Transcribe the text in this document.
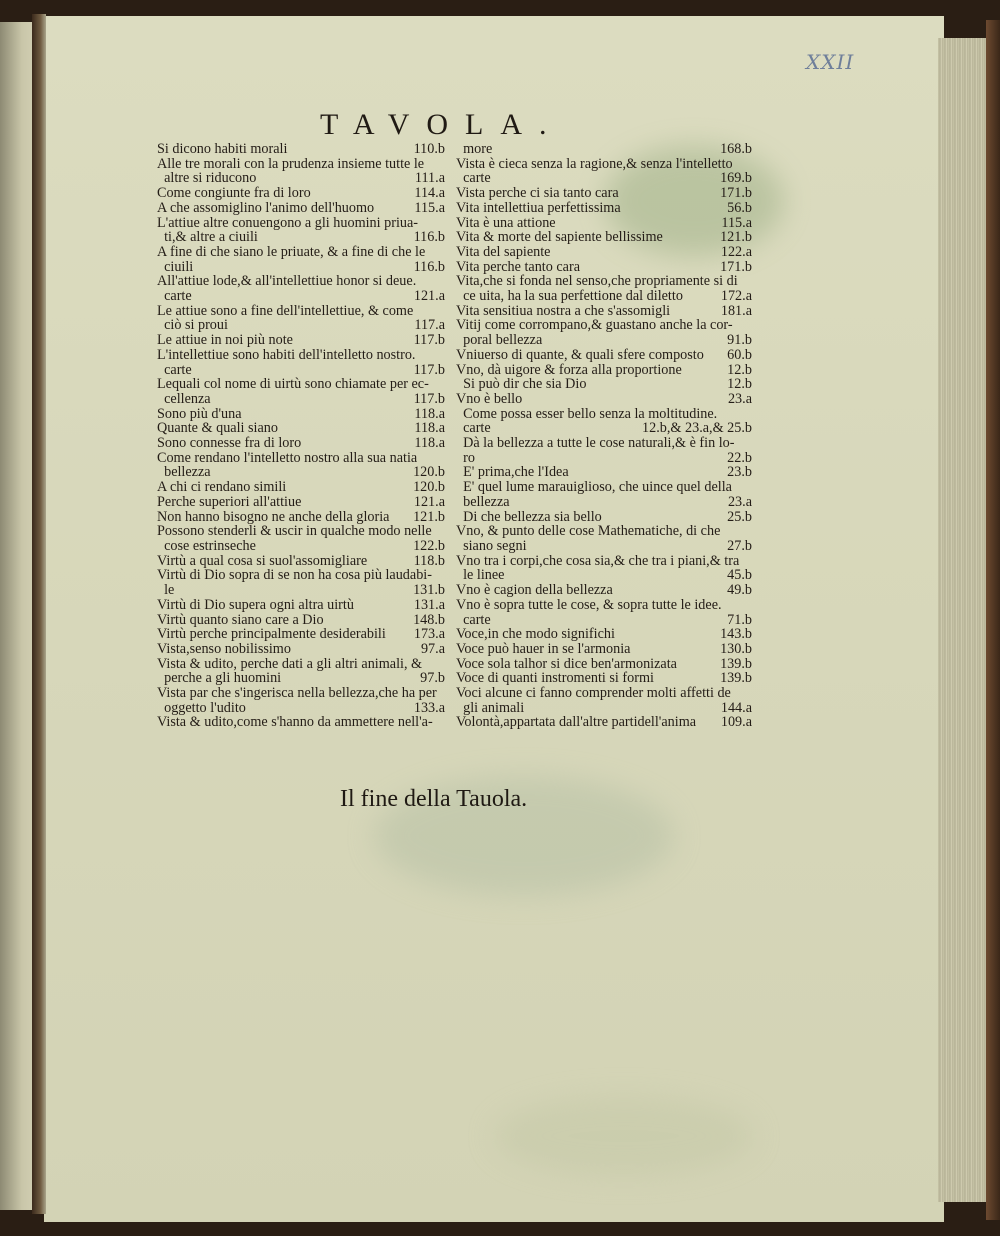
XXII
TAVOLA.
Si dicono habiti morali	110.b
Alle tre morali con la prudenza insieme tutte le
altre si riducono	111.a
Come congiunte fra di loro	114.a
A che assomiglino l'animo dell'huomo	115.a
L'attiue altre conuengono a gli huomini priua-
ti,& altre a ciuili	116.b
A fine di che siano le priuate, & a fine di che le
ciuili	116.b
All'attiue lode,& all'intellettiue honor si deue.
carte	121.a
Le attiue sono a fine dell'intellettiue, & come
ciò si proui	117.a
Le attiue in noi più note	117.b
L'intellettiue sono habiti dell'intelletto nostro.
carte	117.b
Lequali col nome di uirtù sono chiamate per ec-
cellenza	117.b
Sono più d'una	118.a
Quante & quali siano	118.a
Sono connesse fra di loro	118.a
Come rendano l'intelletto nostro alla sua natia
bellezza	120.b
A chi ci rendano simili	120.b
Perche superiori all'attiue	121.a
Non hanno bisogno ne anche della gloria	121.b
Possono stenderli & uscir in qualche modo nelle
cose estrinseche	122.b
Virtù a qual cosa si suol'assomigliare	118.b
Virtù di Dio sopra di se non ha cosa più laudabi-
le	131.b
Virtù di Dio supera ogni altra uirtù	131.a
Virtù quanto siano care a Dio	148.b
Virtù perche principalmente desiderabili	173.a
Vista,senso nobilissimo	97.a
Vista & udito, perche dati a gli altri animali, &
perche a gli huomini	97.b
Vista par che s'ingerisca nella bellezza,che ha per
oggetto l'udito	133.a
Vista & udito,come s'hanno da ammettere nell'a-
more	168.b
Vista è cieca senza la ragione,& senza l'intelletto
carte	169.b
Vista perche ci sia tanto cara	171.b
Vita intellettiua perfettissima	56.b
Vita è una attione	115.a
Vita & morte del sapiente bellissime	121.b
Vita del sapiente	122.a
Vita perche tanto cara	171.b
Vita,che si fonda nel senso,che propriamente si di
ce uita, ha la sua perfettione dal diletto	172.a
Vita sensitiua nostra a che s'assomigli	181.a
Vitij come corrompano,& guastano anche la cor-
poral bellezza	91.b
Vniuerso di quante, & quali sfere composto	60.b
Vno, dà uigore & forza alla proportione	12.b
Si può dir che sia Dio	12.b
Vno è bello	23.a
Come possa esser bello senza la moltitudine.
carte	12.b,& 23.a,& 25.b
Dà la bellezza a tutte le cose naturali,& è fin lo-
ro	22.b
E' prima,che l'Idea	23.b
E' quel lume marauiglioso, che uince quel della
bellezza	23.a
Di che bellezza sia bello	25.b
Vno, & punto delle cose Mathematiche, di che
siano segni	27.b
Vno tra i corpi,che cosa sia,& che tra i piani,& tra
le linee	45.b
Vno è cagion della bellezza	49.b
Vno è sopra tutte le cose, & sopra tutte le idee.
carte	71.b
Voce,in che modo significhi	143.b
Voce può hauer in se l'armonia	130.b
Voce sola talhor si dice ben'armonizata	139.b
Voce di quanti instromenti si formi	139.b
Voci alcune ci fanno comprender molti affetti de
gli animali	144.a
Volontà,appartata dall'altre partidell'anima	109.a
Il fine della Tauola.
